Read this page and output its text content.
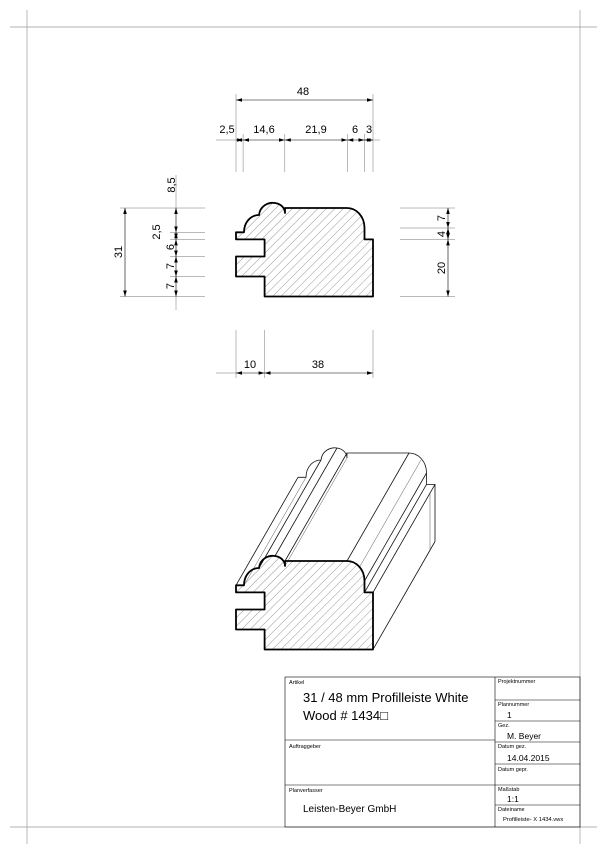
48
2,5 14,6	21,9 6 3
31
8,5
2,5
6
7
7
7
4
20
10	38
Artikel
31 / 48 mm Profilleiste White
Wood # 1434□
Auftraggeber
Planverfasser
Leisten-Beyer GmbH
Projektnummer
Plannummer
1
Gez.
M. Beyer
Datum gez.
14.04.2015
Datum gepr.
Maßstab
1:1
Dateiname
Profilleiste- X 1434.vwx
